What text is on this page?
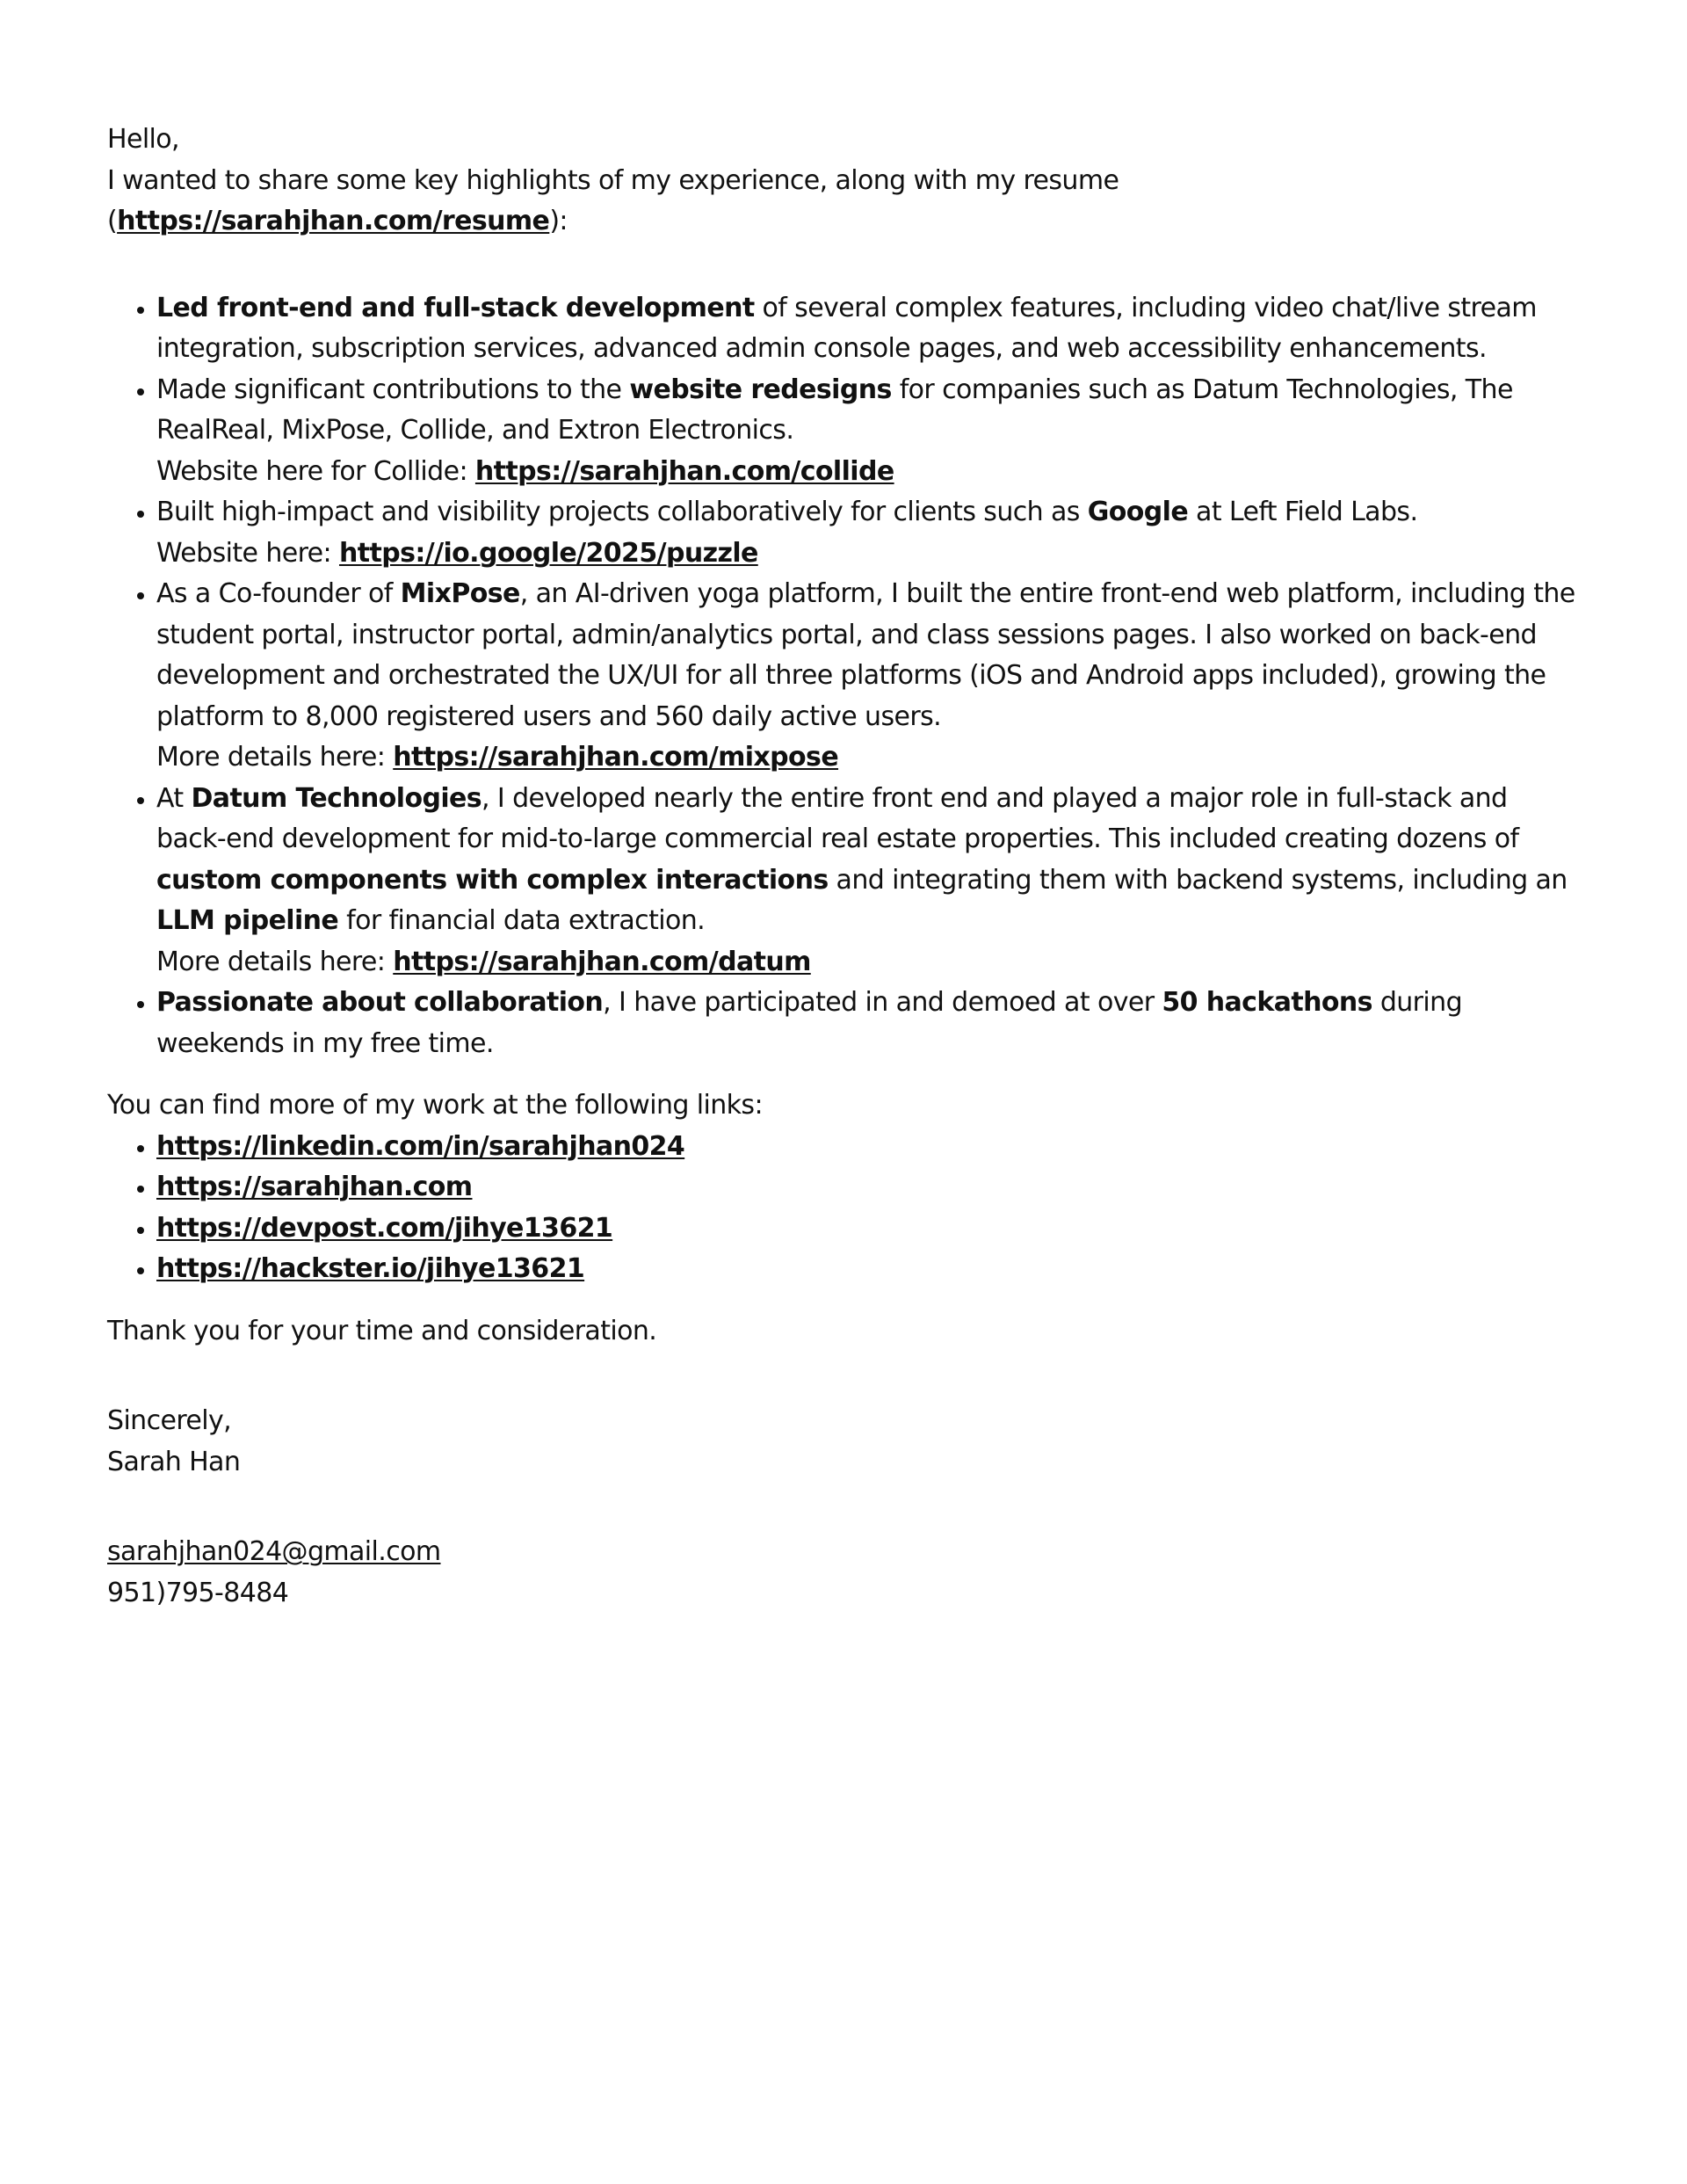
Hello,

I wanted to share some key highlights of my experience, along with my resume (https://sarahjhan.com/resume):

• Led front-end and full-stack development of several complex features, including video chat/live stream integration, subscription services, advanced admin console pages, and web accessibility enhancements.
• Made significant contributions to the website redesigns for companies such as Datum Technologies, The RealReal, MixPose, Collide, and Extron Electronics.
Website here for Collide: https://sarahjhan.com/collide
• Built high-impact and visibility projects collaboratively for clients such as Google at Left Field Labs.
Website here: https://io.google/2025/puzzle
• As a Co-founder of MixPose, an AI-driven yoga platform, I built the entire front-end web platform, including the student portal, instructor portal, admin/analytics portal, and class sessions pages. I also worked on back-end development and orchestrated the UX/UI for all three platforms (iOS and Android apps included), growing the platform to 8,000 registered users and 560 daily active users.
More details here: https://sarahjhan.com/mixpose
• At Datum Technologies, I developed nearly the entire front end and played a major role in full-stack and back-end development for mid-to-large commercial real estate properties. This included creating dozens of custom components with complex interactions and integrating them with backend systems, including an LLM pipeline for financial data extraction.
More details here: https://sarahjhan.com/datum
• Passionate about collaboration, I have participated in and demoed at over 50 hackathons during weekends in my free time.

You can find more of my work at the following links:

• https://linkedin.com/in/sarahjhan024
• https://sarahjhan.com
• https://devpost.com/jihye13621
• https://hackster.io/jihye13621

Thank you for your time and consideration.

Sincerely,

Sarah Han

sarahjhan024@gmail.com

951)795-8484
